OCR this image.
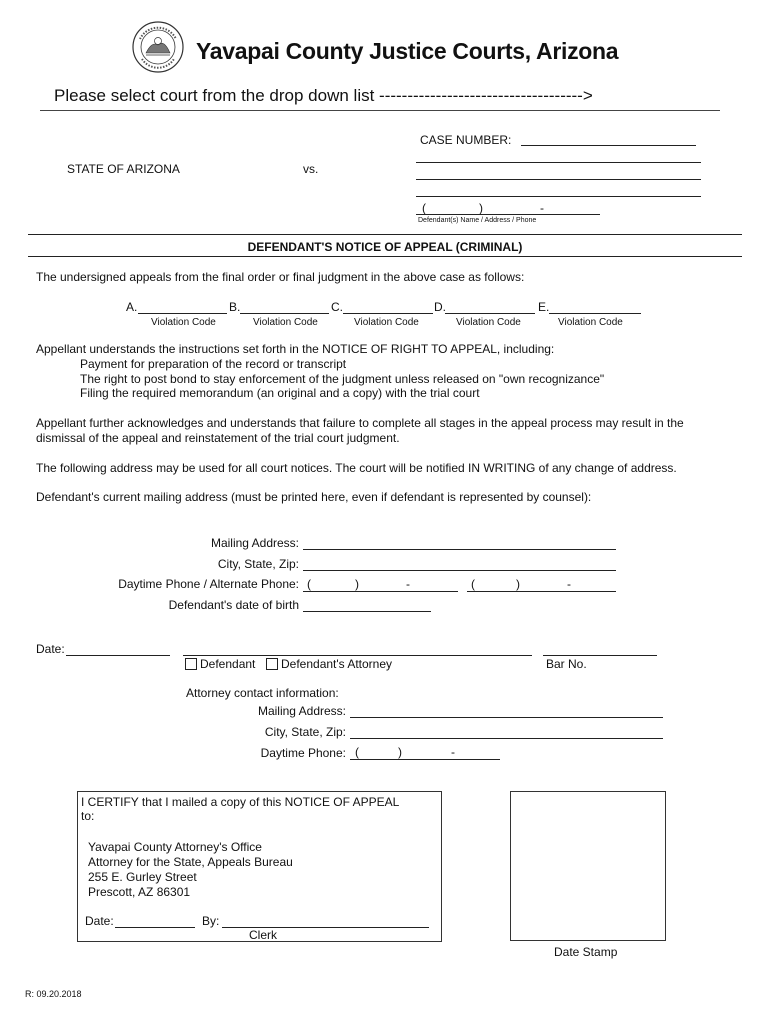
Yavapai County Justice Courts, Arizona
Please select court from the drop down list ------------------------------------>
CASE NUMBER:
STATE OF ARIZONA	vs.
(	)	-
Defendant(s) Name / Address / Phone
DEFENDANT'S NOTICE OF APPEAL (CRIMINAL)
The undersigned appeals from the final order or final judgment in the above case as follows:
A.
Violation Code
B.
Violation Code
C.
Violation Code
D.
Violation Code
E.
Violation Code
Appellant understands the instructions set forth in the NOTICE OF RIGHT TO APPEAL, including:
Payment for preparation of the record or transcript
The right to post bond to stay enforcement of the judgment unless released on "own recognizance"
Filing the required memorandum (an original and a copy) with the trial court
Appellant further acknowledges and understands that failure to complete all stages in the appeal process may result in the
dismissal of the appeal and reinstatement of the trial court judgment.
The following address may be used for all court notices. The court will be notified IN WRITING of any change of address.
Defendant's current mailing address (must be printed here, even if defendant is represented by counsel):
Mailing Address:
City, State, Zip:
Daytime Phone / Alternate Phone: (	)	-	(	)	-
Defendant's date of birth
Date:
Defendant	Defendant's Attorney	Bar No.
Attorney contact information:
Mailing Address:
City, State, Zip:
Daytime Phone: (	)	-
I CERTIFY that I mailed a copy of this NOTICE OF APPEAL
to:
Yavapai County Attorney's Office
Attorney for the State, Appeals Bureau
255 E. Gurley Street
Prescott, AZ 86301
Date:	By:
Clerk
Date Stamp
R: 09.20.2018
